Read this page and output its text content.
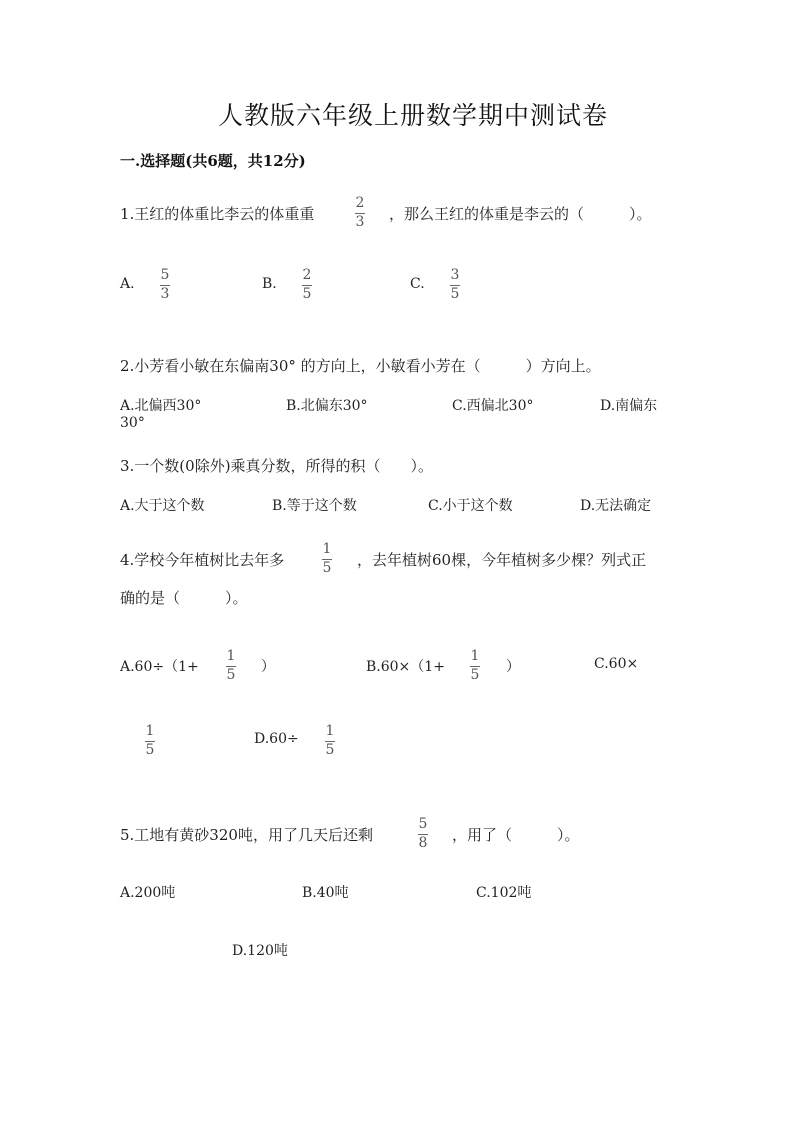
人教版六年级上册数学期中测试卷
一.选择题(共6题，共12分)
1.王红的体重比李云的体重重
2
3 ，那么王红的体重是李云的（　　　）。
A.
5
3
B.
2
5
C.
3
5
2.小芳看小敏在东偏南30° 的方向上，小敏看小芳在（　　　）方向上。
A.北偏西30°	B.北偏东30°	C.西偏北30°	D.南偏东
30°
3.一个数(0除外)乘真分数，所得的积（　　）。
A.大于这个数	B.等于这个数	C.小于这个数	D.无法确定
4.学校今年植树比去年多
1
5 ，去年植树60棵，今年植树多少棵？列式正
确的是（　　　）。
A.60÷（1+
1
5 ）	B.60×（1+
1
5 ）	C.60×
1
5
D.60÷ 1
5
5.工地有黄砂320吨，用了几天后还剩
5
8 ，用了（　　　）。
A.200吨	B.40吨	C.102吨
D.120吨
